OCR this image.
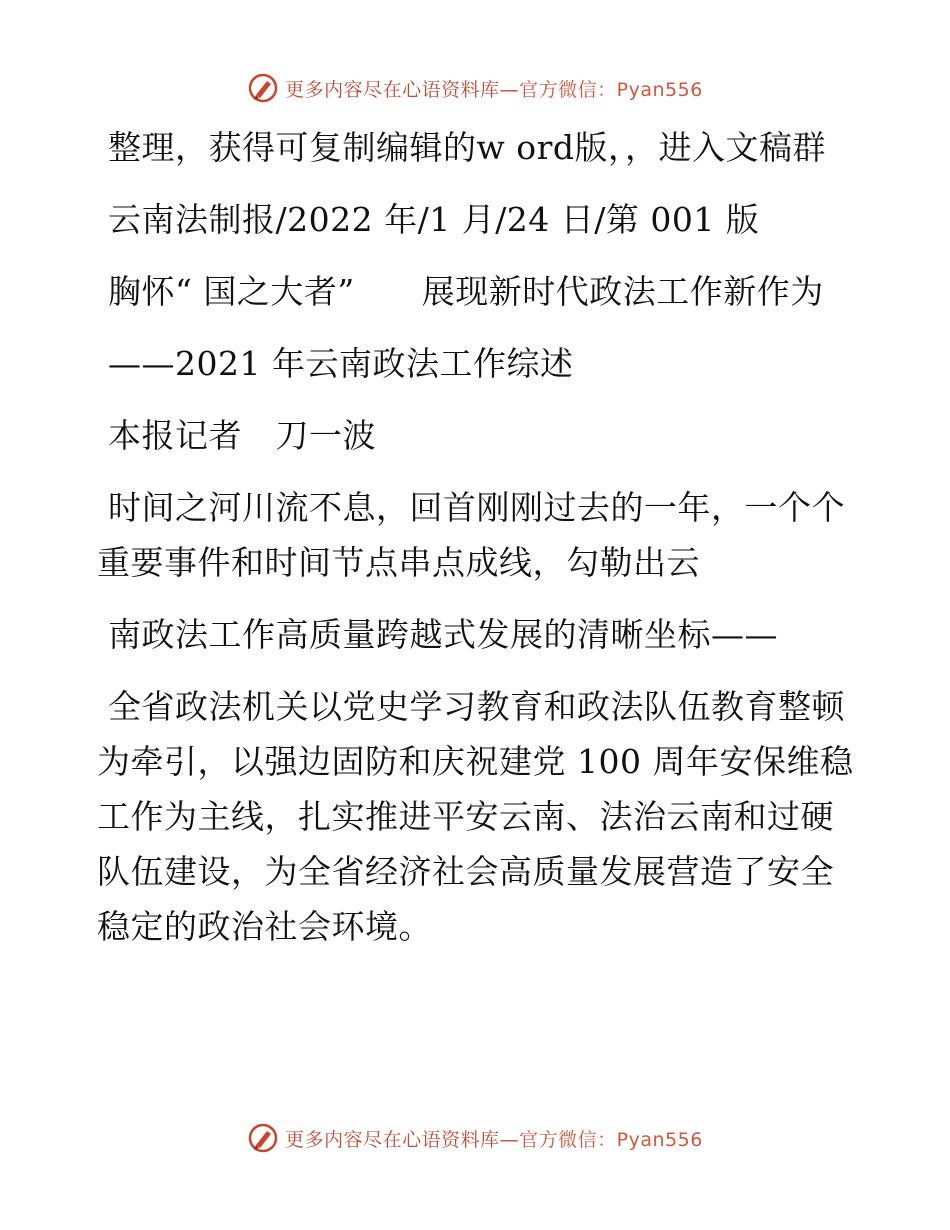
更多内容尽在心语资料库—官方微信：Pyan556

整理，获得可复制编辑的w ord版，，进入文稿群

云南法制报/2022 年/1 月/24 日/第 001 版

胸怀“ 国之大者”　　展现新时代政法工作新作为

——2021 年云南政法工作综述

本报记者　刀一波

时间之河川流不息，回首刚刚过去的一年，一个个重要事件和时间节点串点成线，勾勒出云

南政法工作高质量跨越式发展的清晰坐标——

全省政法机关以党史学习教育和政法队伍教育整顿为牵引，以强边固防和庆祝建党 100 周年安保维稳工作为主线，扎实推进平安云南、法治云南和过硬队伍建设，为全省经济社会高质量发展营造了安全稳定的政治社会环境。

更多内容尽在心语资料库—官方微信：Pyan556
